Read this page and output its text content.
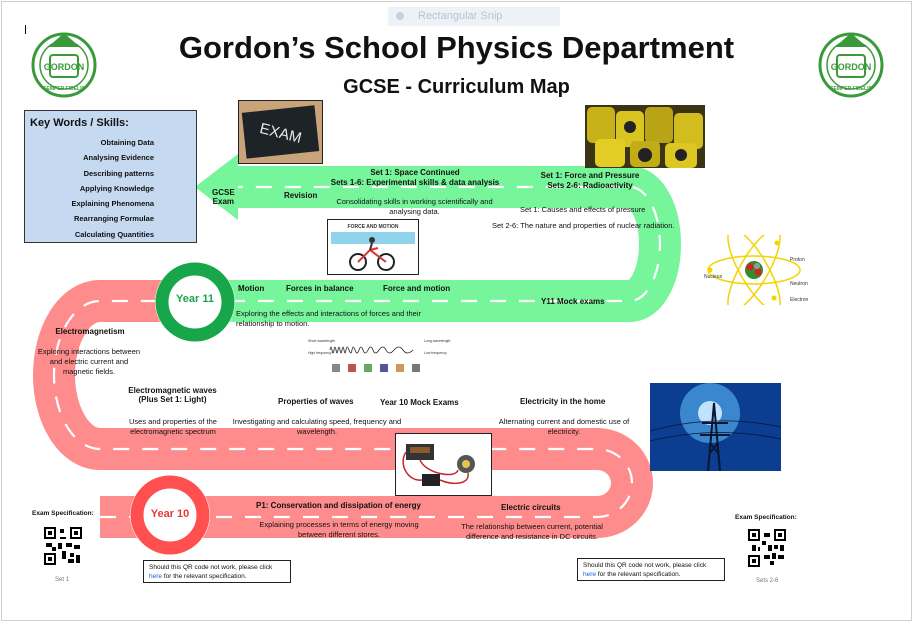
Rectangular Snip
GORDON
SEMPER FIDELIS
GORDON
SEMPER FIDELIS
Gordon’s School Physics Department
GCSE - Curriculum Map
Year 11
Year 10
Key Words / Skills:
Obtaining Data
Analysing Evidence
Describing patterns
Applying Knowledge
Explaining Phenomena
Rearranging Formulae
Calculating Quantities
GCSE
Exam
Revision
Set 1: Space Continued
Sets 1-6: Experimental skills & data analysis
Consolidating skills in working scientifically and analysing data.
Set 1: Force and Pressure
Sets 2-6: Radioactivity
Set 1: Causes and effects of pressure
Set 2-6: The nature and properties of nuclear radiation.
Motion	Forces in balance	Force and motion
Y11 Mock exams
Exploring the effects and interactions of forces and their relationship to motion.
Electromagnetism
Exploring interactions between and electric current and magnetic fields.
Electromagnetic waves
(Plus Set 1: Light)
Uses and properties of the electromagnetic spectrum
Properties of waves
Investigating and calculating speed, frequency and wavelength.
Year 10 Mock Exams	Electricity in the home
Alternating current and domestic use of electricity.
P1: Conservation and dissipation of energy
Explaining processes in terms of energy moving between different stores.
Electric circuits
The relationship between current, potential difference and resistance in DC circuits.
EXAM
FORCE AND MOTION
Nucleus
Proton
Neutron
Electron
Short wavelength
High frequency
Long wavelength
Low frequency
Exam Specification:
Set 1
Should this QR code not work, please click
here for the relevant specification.
Exam Specification:
Sets 2-6
Should this QR code not work, please click
here for the relevant specification.
